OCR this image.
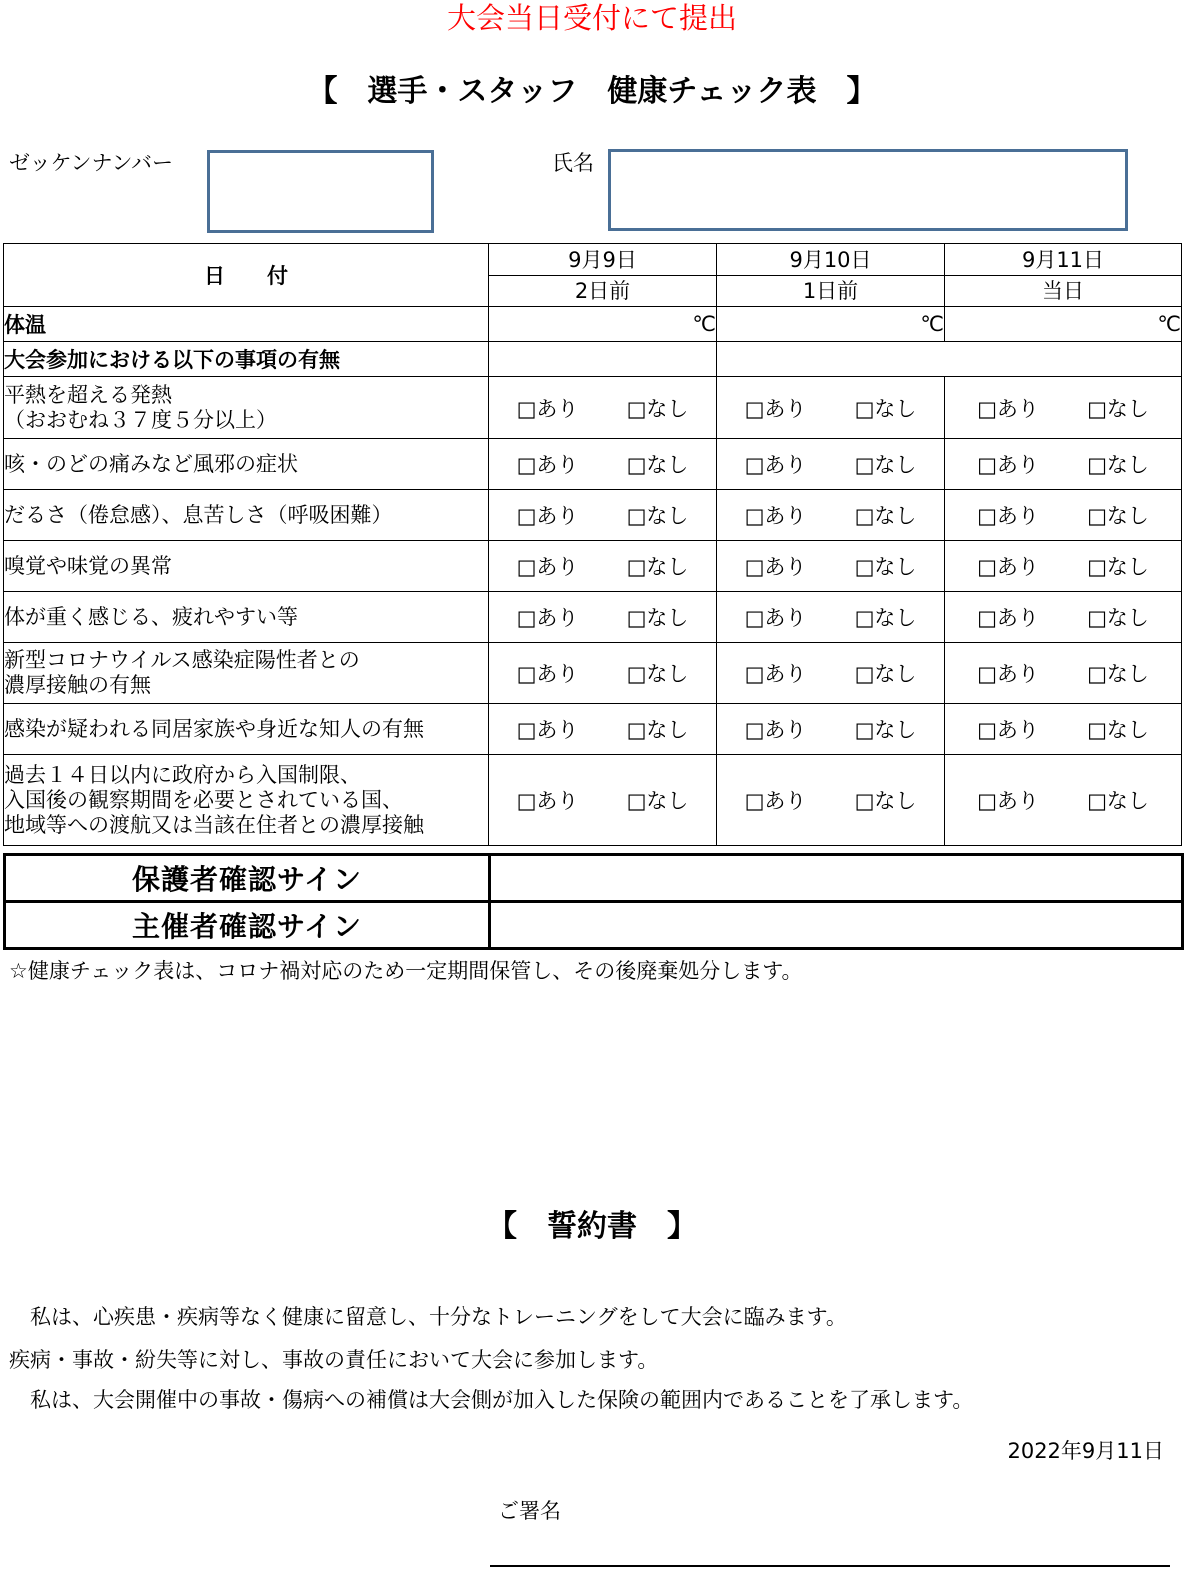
大会当日受付にて提出
【　選手・スタッフ　健康チェック表　】
ゼッケンナンバー	氏名
日　　付	9月9日	9月10日	9月11日
	2日前	1日前	当日
体温	℃	℃	℃
大会参加における以下の事項の有無			

平熱を超える発熱
（おおむね３７度５分以上）	□あり □なし	□あり □なし	□あり □なし
咳・のどの痛みなど風邪の症状	□あり □なし	□あり □なし	□あり □なし
だるさ（倦怠感）、息苦しさ（呼吸困難）	□あり □なし	□あり □なし	□あり □なし
嗅覚や味覚の異常	□あり □なし	□あり □なし	□あり □なし
体が重く感じる、疲れやすい等	□あり □なし	□あり □なし	□あり □なし

新型コロナウイルス感染症陽性者との
濃厚接触の有無	□あり □なし	□あり □なし	□あり □なし
感染が疑われる同居家族や身近な知人の有無	□あり □なし	□あり □なし	□あり □なし

過去１４日以内に政府から入国制限、
入国後の観察期間を必要とされている国、
地域等への渡航又は当該在住者との濃厚接触	□あり □なし	□あり □なし	□あり □なし
保護者確認サイン	
主催者確認サイン	
☆健康チェック表は、コロナ禍対応のため一定期間保管し、その後廃棄処分します。
【　誓約書　】
　私は、心疾患・疾病等なく健康に留意し、十分なトレーニングをして大会に臨みます。
疾病・事故・紛失等に対し、事故の責任において大会に参加します。
　私は、大会開催中の事故・傷病への補償は大会側が加入した保険の範囲内であることを了承します。
2022年9月11日
ご署名
